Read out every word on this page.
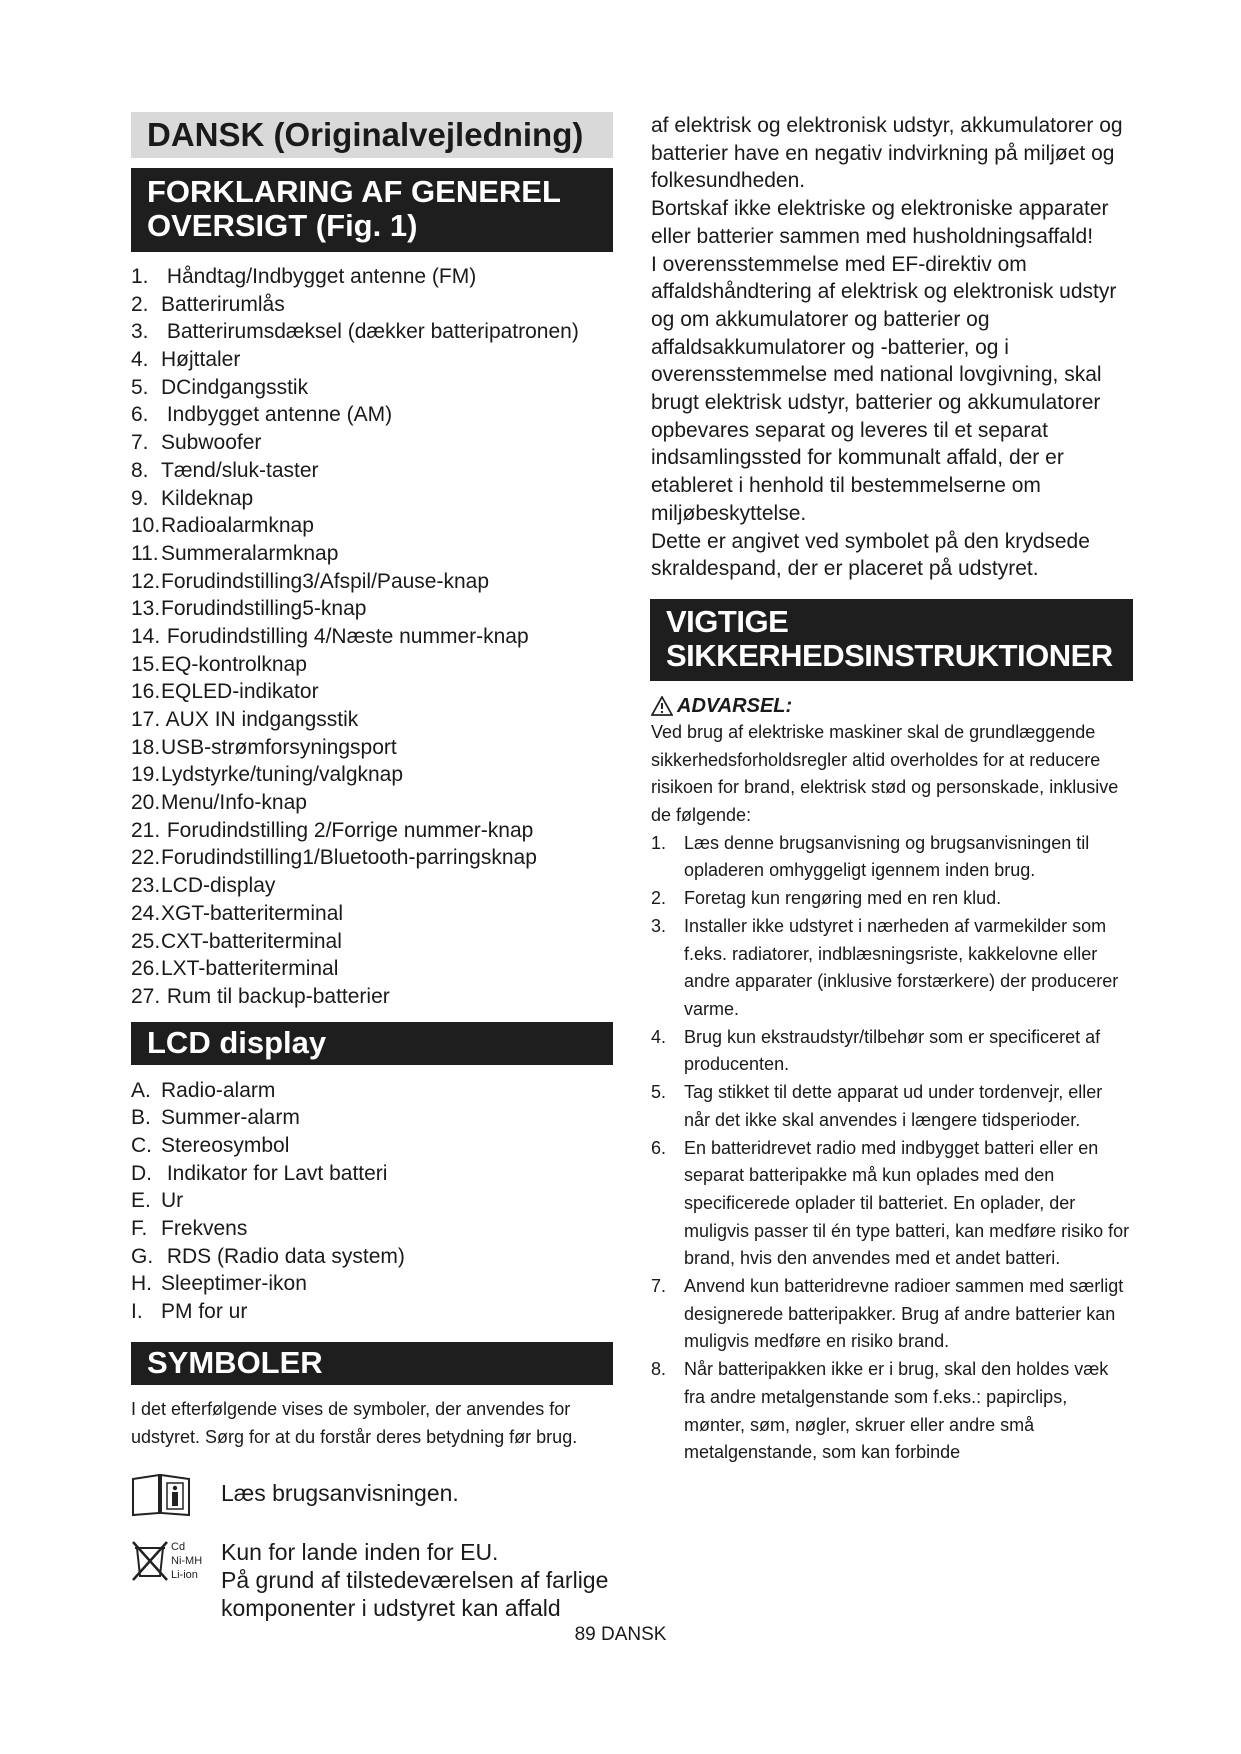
DANSK (Originalvejledning)
FORKLARING AF GENEREL
OVERSIGT (Fig. 1)
1. Håndtag/Indbygget antenne (FM)
2. Batterirumlås
3. Batterirumsdæksel (dækker batteripatronen)
4. Højttaler
5. DCindgangsstik
6. Indbygget antenne (AM)
7. Subwoofer
8. Tænd/sluk-taster
9. Kildeknap
10.Radioalarmknap
11. Summeralarmknap
12.Forudindstilling3/Afspil/Pause-knap
13.Forudindstilling5-knap
14. Forudindstilling 4/Næste nummer-knap
15.EQ-kontrolknap
16.EQLED-indikator
17. AUX IN indgangsstik
18.USB-strømforsyningsport
19.Lydstyrke/tuning/valgknap
20.Menu/Info-knap
21. Forudindstilling 2/Forrige nummer-knap
22.Forudindstilling1/Bluetooth-parringsknap
23.LCD-display
24.XGT-batteriterminal
25.CXT-batteriterminal
26.LXT-batteriterminal
27. Rum til backup-batterier
LCD display
A. Radio-alarm
B. Summer-alarm
C. Stereosymbol
D. Indikator for Lavt batteri
E. Ur
F. Frekvens
G. RDS (Radio data system)
H. Sleeptimer-ikon
I. PM for ur
SYMBOLER
I det efterfølgende vises de symboler, der anvendes for udstyret. Sørg for at du forstår deres betydning før brug.
Læs brugsanvisningen.
Cd
Ni-MH
Li-ion
Kun for lande inden for EU.
På grund af tilstedeværelsen af farlige komponenter i udstyret kan affald

af elektrisk og elektronisk udstyr, akkumulatorer og batterier have en negativ indvirkning på miljøet og folkesundheden.

Bortskaf ikke elektriske og elektroniske apparater eller batterier sammen med husholdningsaffald!

I overensstemmelse med EF-direktiv om affaldshåndtering af elektrisk og elektronisk udstyr og om akkumulatorer og batterier og affaldsakkumulatorer og -batterier, og i overensstemmelse med national lovgivning, skal brugt elektrisk udstyr, batterier og akkumulatorer opbevares separat og leveres til et separat indsamlingssted for kommunalt affald, der er etableret i henhold til bestemmelserne om miljøbeskyttelse.

Dette er angivet ved symbolet på den krydsede skraldespand, der er placeret på udstyret.

VIGTIGE
SIKKERHEDSINSTRUKTIONER
ADVARSEL:
Ved brug af elektriske maskiner skal de grundlæggende sikkerhedsforholdsregler altid overholdes for at reducere risikoen for brand, elektrisk stød og personskade, inklusive de følgende:
1. Læs denne brugsanvisning og brugsanvisningen til opladeren omhyggeligt igennem inden brug.
2. Foretag kun rengøring med en ren klud.
3. Installer ikke udstyret i nærheden af varmekilder som f.eks. radiatorer, indblæsningsriste, kakkelovne eller andre apparater (inklusive forstærkere) der producerer varme.
4. Brug kun ekstraudstyr/tilbehør som er specificeret af producenten.
5. Tag stikket til dette apparat ud under tordenvejr, eller når det ikke skal anvendes i længere tidsperioder.
6. En batteridrevet radio med indbygget batteri eller en separat batteripakke må kun oplades med den specificerede oplader til batteriet. En oplader, der muligvis passer til én type batteri, kan medføre risiko for brand, hvis den anvendes med et andet batteri.
7. Anvend kun batteridrevne radioer sammen med særligt designerede batteripakker. Brug af andre batterier kan muligvis medføre en risiko brand.
8. Når batteripakken ikke er i brug, skal den holdes væk fra andre metalgenstande som f.eks.: papirclips, mønter, søm, nøgler, skruer eller andre små metalgenstande, som kan forbinde
89 DANSK
